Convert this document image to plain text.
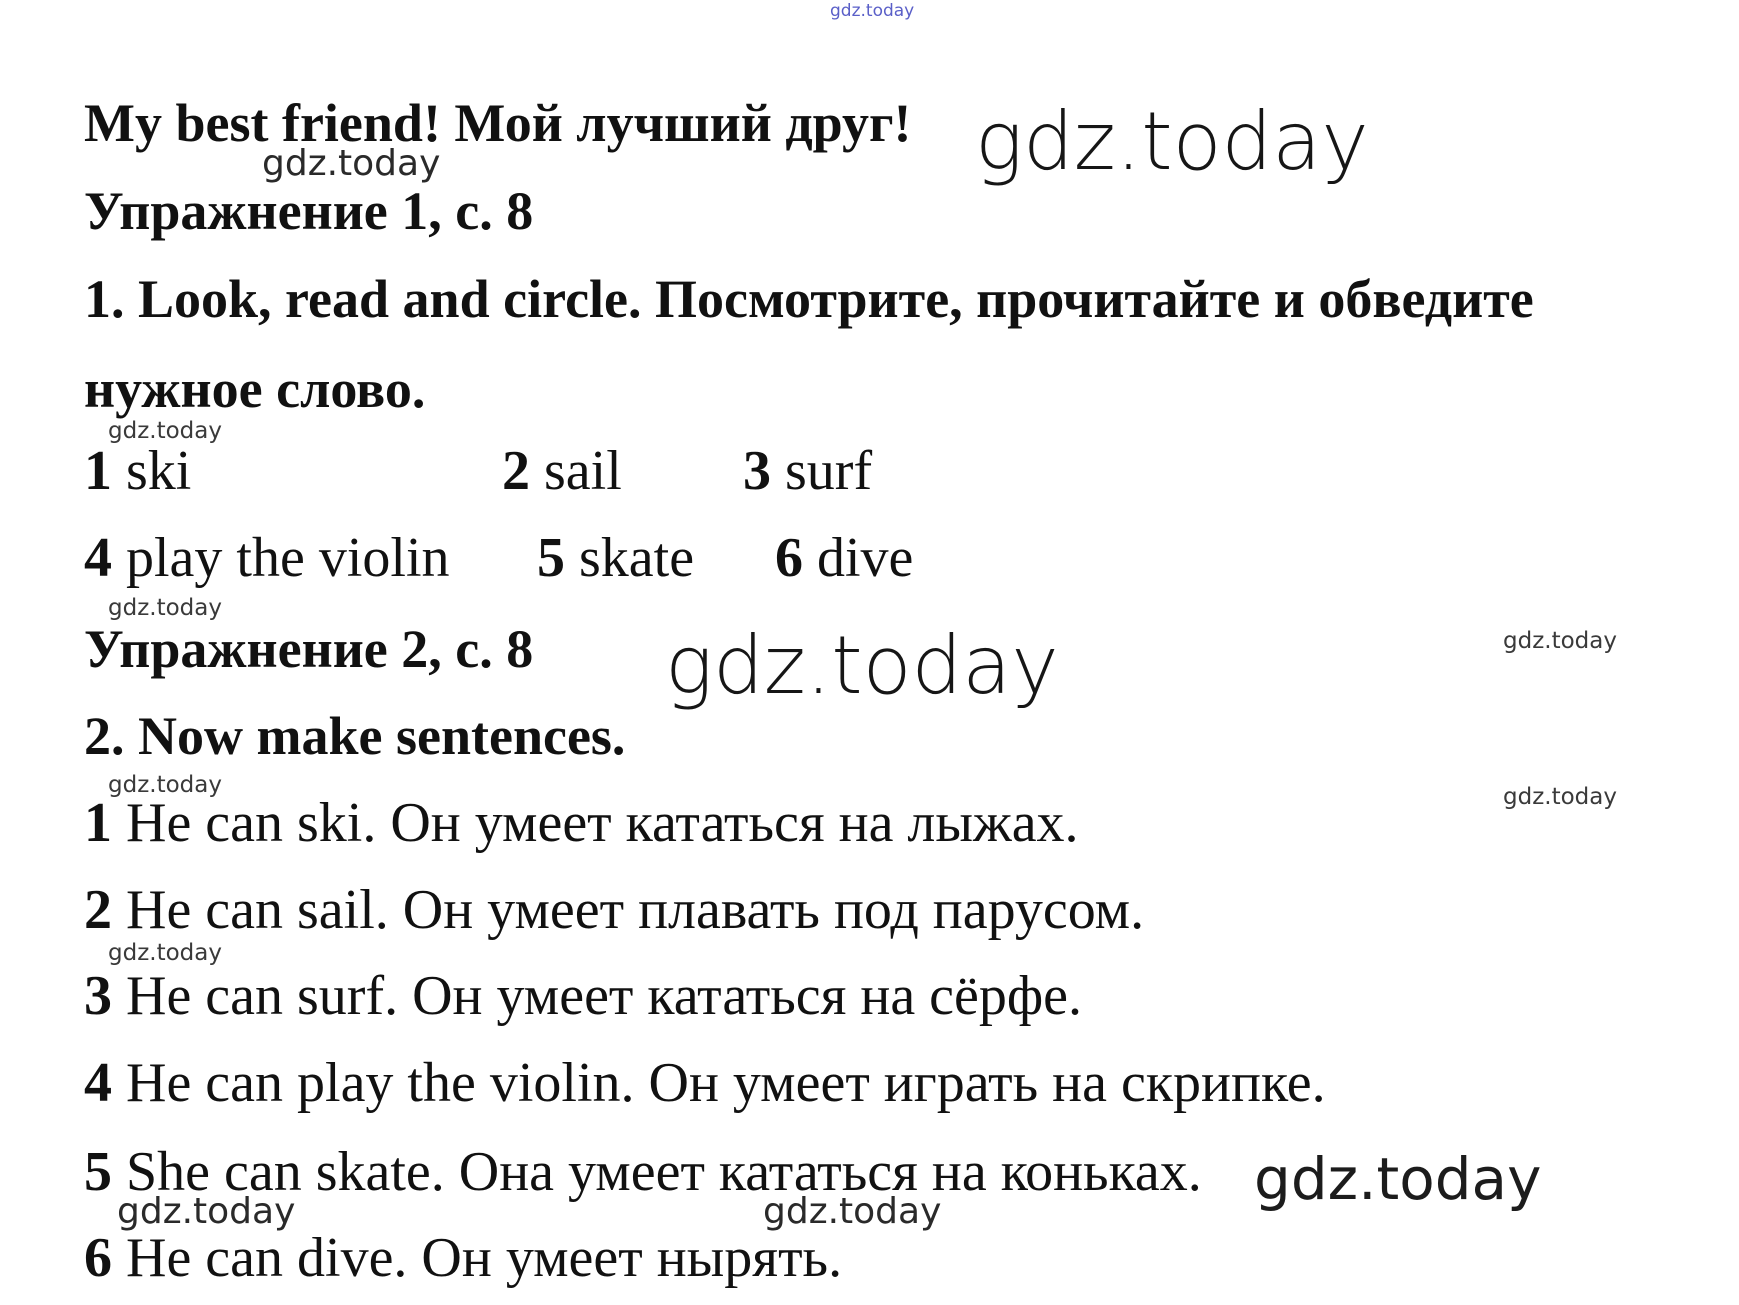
My best friend! Мой лучший друг!
Упражнение 1, с. 8
1. Look, read and circle. Посмотрите, прочитайте и обведите
нужное слово.
1 ski	2 sail 3 surf
4 play the violin 5 skate 6 dive
Упражнение 2, с. 8
2. Now make sentences.
1 He can ski. Он умеет кататься на лыжах.
2 He can sail. Он умеет плавать под парусом.
3 He can surf. Он умеет кататься на сёрфе.
4 He can play the violin. Он умеет играть на скрипке.
5 She can skate. Она умеет кататься на коньках.
6 He can dive. Он умеет нырять.
gdz.today
gdz.today
gdz.today
gdz.today
gdz.today
gdz.today	gdz.today
gdz.today	gdz.today
gdz.today
gdz.today
gdz.today	gdz.today
